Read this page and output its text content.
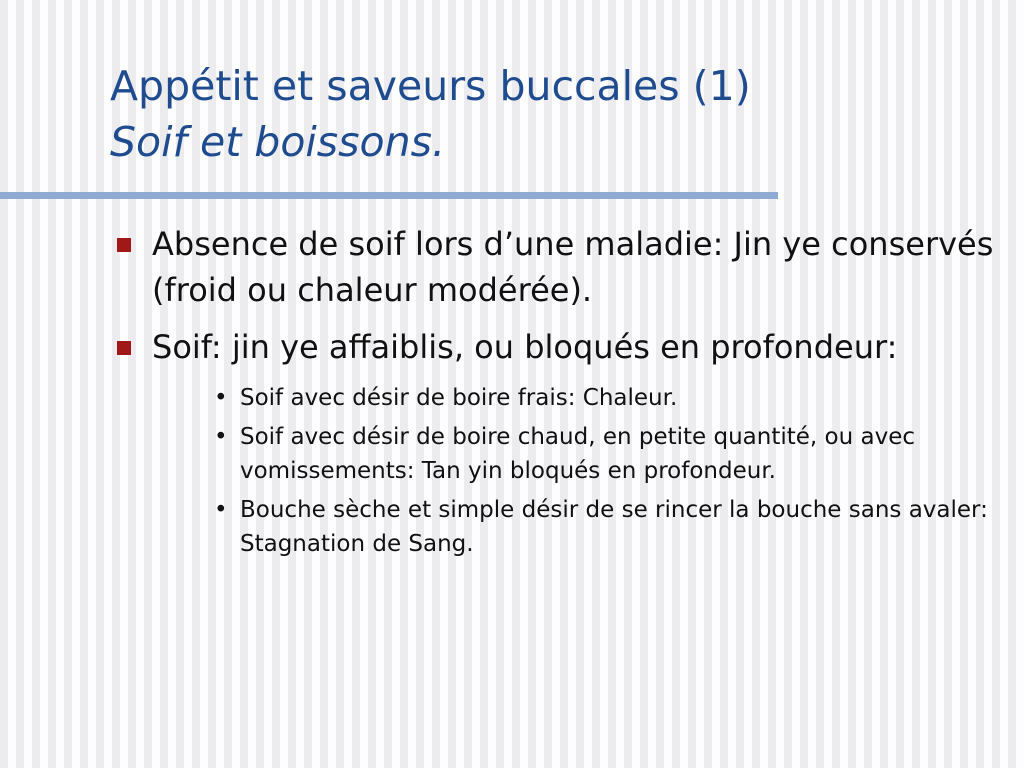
Appétit et saveurs buccales (1)
Soif et boissons.
Absence de soif lors d’une maladie: Jin ye conservés (froid ou chaleur modérée).
Soif: jin ye affaiblis, ou bloqués en profondeur:
• Soif avec désir de boire frais: Chaleur.
• Soif avec désir de boire chaud, en petite quantité, ou avec vomissements: Tan yin bloqués en profondeur.
• Bouche sèche et simple désir de se rincer la bouche sans avaler: Stagnation de Sang.
